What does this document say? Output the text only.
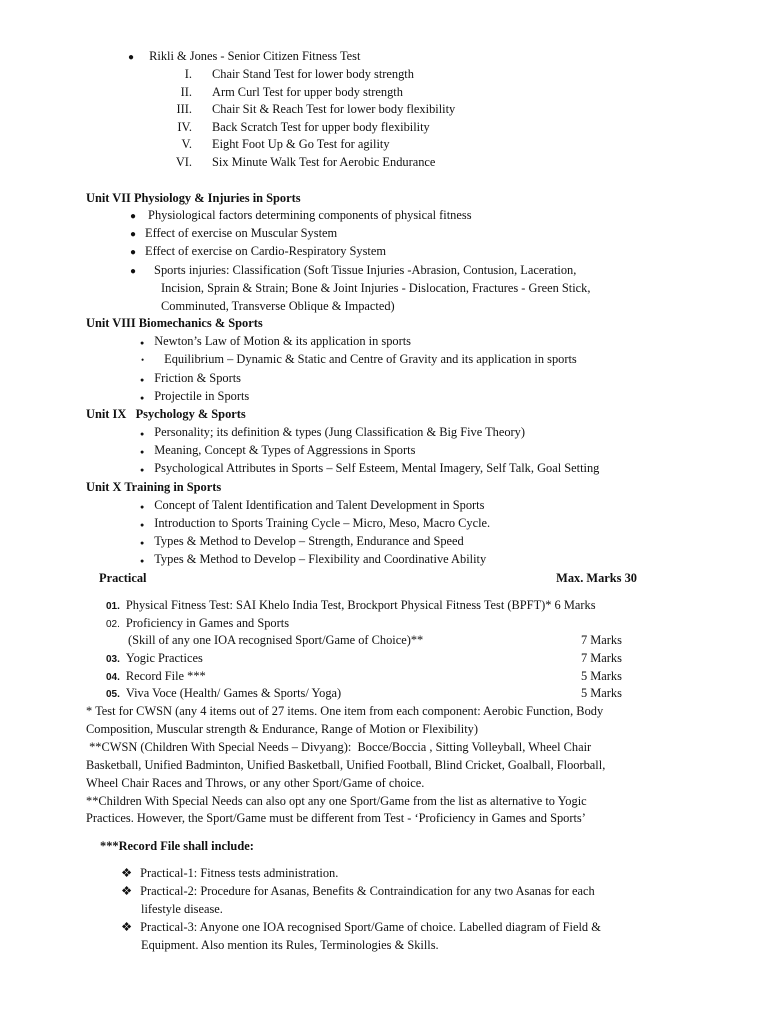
● Rikli & Jones - Senior Citizen Fitness Test
I. Chair Stand Test for lower body strength
II. Arm Curl Test for upper body strength
III. Chair Sit & Reach Test for lower body flexibility
IV. Back Scratch Test for upper body flexibility
V. Eight Foot Up & Go Test for agility
VI. Six Minute Walk Test for Aerobic Endurance
Unit VII Physiology & Injuries in Sports
● Physiological factors determining components of physical fitness
● Effect of exercise on Muscular System
● Effect of exercise on Cardio-Respiratory System
● Sports injuries: Classification (Soft Tissue Injuries -Abrasion, Contusion, Laceration,
Incision, Sprain & Strain; Bone & Joint Injuries - Dislocation, Fractures - Green Stick,
Comminuted, Transverse Oblique & Impacted)
Unit VIII Biomechanics & Sports
● Newton’s Law of Motion & its application in sports
• Equilibrium – Dynamic & Static and Centre of Gravity and its application in sports
● Friction & Sports
● Projectile in Sports
Unit IX   Psychology & Sports
● Personality; its definition & types (Jung Classification & Big Five Theory)
● Meaning, Concept & Types of Aggressions in Sports
● Psychological Attributes in Sports – Self Esteem, Mental Imagery, Self Talk, Goal Setting
Unit X Training in Sports
● Concept of Talent Identification and Talent Development in Sports
● Introduction to Sports Training Cycle – Micro, Meso, Macro Cycle.
● Types & Method to Develop – Strength, Endurance and Speed
● Types & Method to Develop – Flexibility and Coordinative Ability
Practical	Max. Marks 30
01. Physical Fitness Test: SAI Khelo India Test, Brockport Physical Fitness Test (BPFT)* 6 Marks
02. Proficiency in Games and Sports
(Skill of any one IOA recognised Sport/Game of Choice)**	7 Marks
03. Yogic Practices	7 Marks
04. Record File ***	5 Marks
05. Viva Voce (Health/ Games & Sports/ Yoga)	5 Marks
* Test for CWSN (any 4 items out of 27 items. One item from each component: Aerobic Function, Body
Composition, Muscular strength & Endurance, Range of Motion or Flexibility)
**CWSN (Children With Special Needs – Divyang):  Bocce/Boccia , Sitting Volleyball, Wheel Chair
Basketball, Unified Badminton, Unified Basketball, Unified Football, Blind Cricket, Goalball, Floorball,
Wheel Chair Races and Throws, or any other Sport/Game of choice.
**Children With Special Needs can also opt any one Sport/Game from the list as alternative to Yogic
Practices. However, the Sport/Game must be different from Test - ‘Proficiency in Games and Sports’
***Record File shall include:
❖ Practical-1: Fitness tests administration.
❖ Practical-2: Procedure for Asanas, Benefits & Contraindication for any two Asanas for each
lifestyle disease.
❖ Practical-3: Anyone one IOA recognised Sport/Game of choice. Labelled diagram of Field &
Equipment. Also mention its Rules, Terminologies & Skills.
